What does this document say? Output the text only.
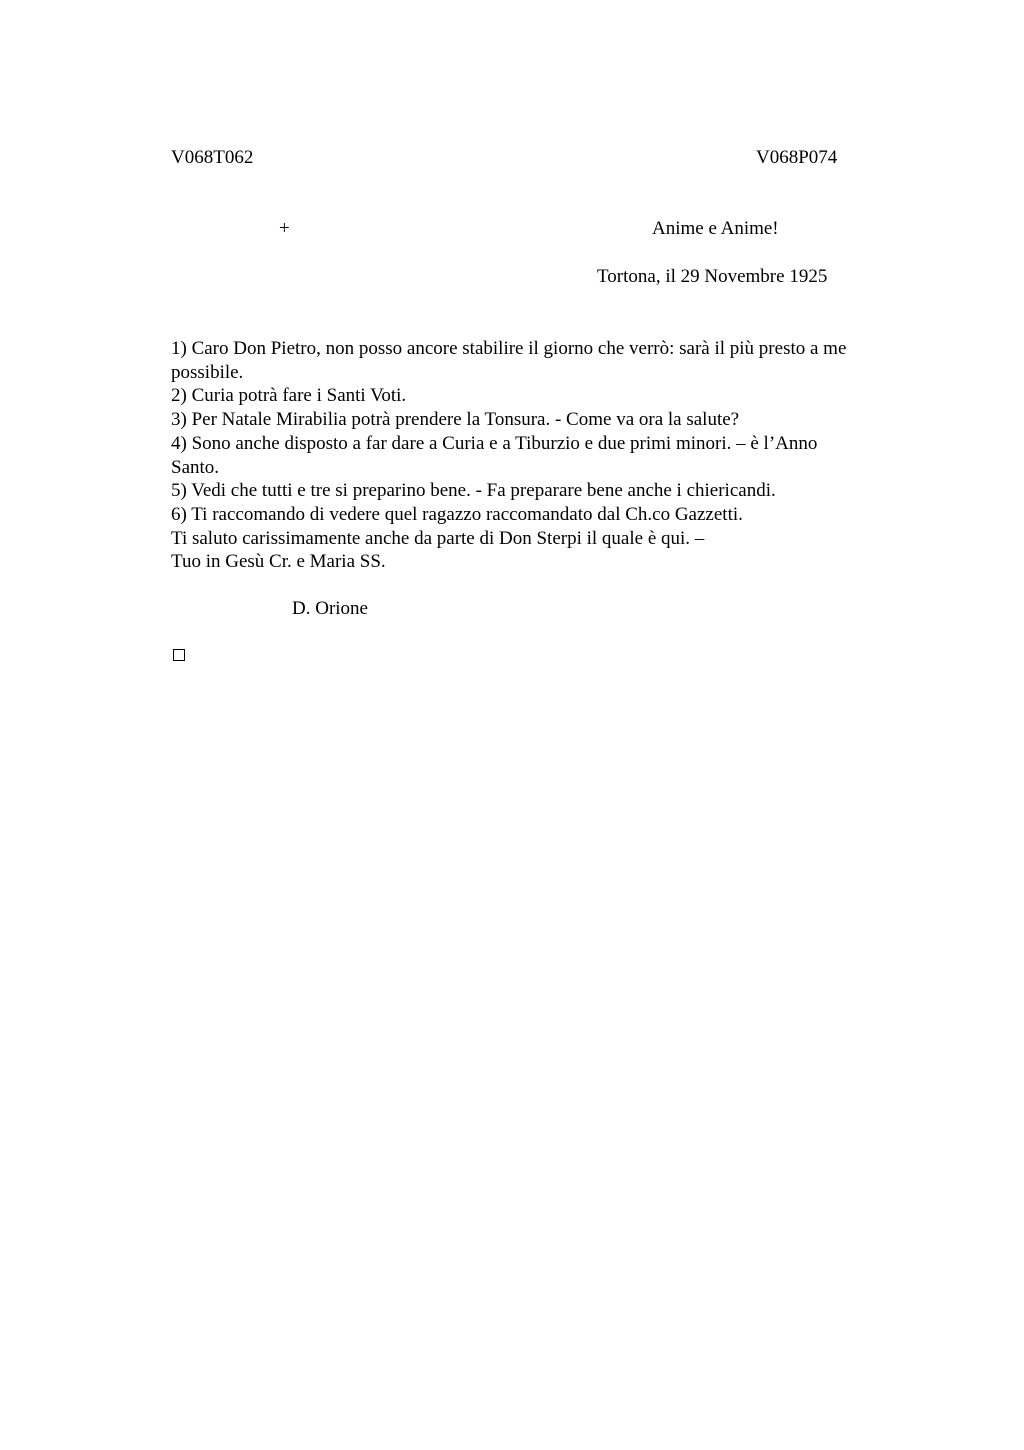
V068T062	V068P074
+	Anime e Anime!
Tortona, il 29 Novembre 1925
1) Caro Don Pietro, non posso ancore stabilire il giorno che verrò: sarà il più presto a me
possibile.
2) Curia potrà fare i Santi Voti.
3) Per Natale Mirabilia potrà prendere la Tonsura. - Come va ora la salute?
4) Sono anche disposto a far dare a Curia e a Tiburzio e due primi minori. – è l’Anno
Santo.
5) Vedi che tutti e tre si preparino bene. - Fa preparare bene anche i chiericandi.
6) Ti raccomando di vedere quel ragazzo raccomandato dal Ch.co Gazzetti.
Ti saluto carissimamente anche da parte di Don Sterpi il quale è qui. –
Tuo in Gesù Cr. e Maria SS.
D. Orione
